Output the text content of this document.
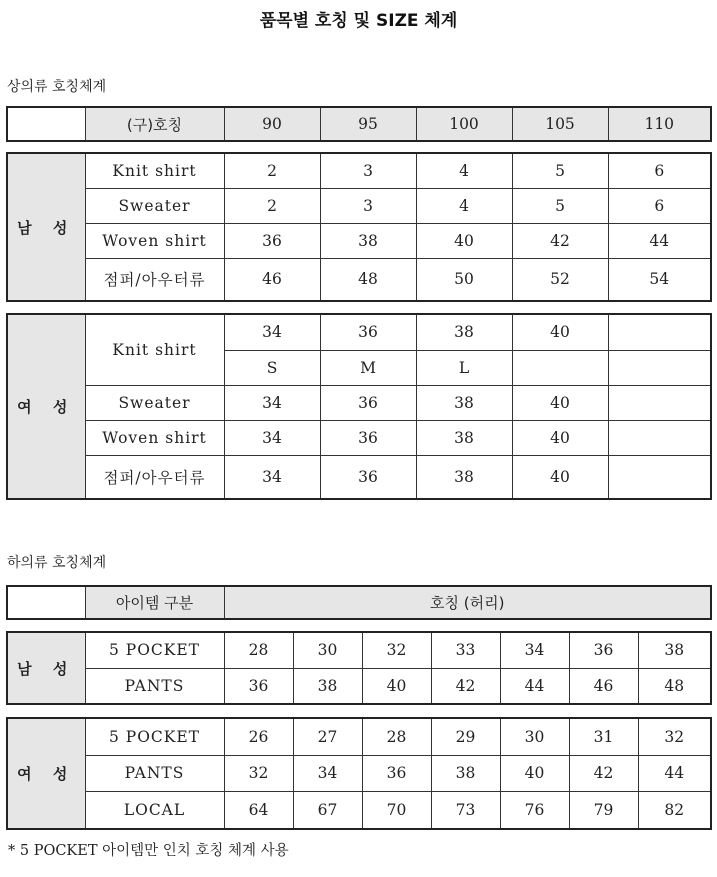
품목별 호칭 및 SIZE 체계
상의류 호칭체계
	(구)호칭	90	95	100	105	110
남 성	Knit shirt	2	3	4	5	6
	Sweater	2	3	4	5	6
	Woven shirt	36	38	40	42	44
	점퍼/아우터류	46	48	50	52	54
여 성	Knit shirt	34	36	38	40	
		S	M	L		
	Sweater	34	36	38	40	
	Woven shirt	34	36	38	40	
	점퍼/아우터류	34	36	38	40	
하의류 호칭체계
	아이템 구분	호칭 (허리)
남 성	5 POCKET	28	30	32	33	34	36	38
	PANTS	36	38	40	42	44	46	48
여 성	5 POCKET	26	27	28	29	30	31	32
	PANTS	32	34	36	38	40	42	44
	LOCAL	64	67	70	73	76	79	82
* 5 POCKET 아이템만 인치 호칭 체계 사용
